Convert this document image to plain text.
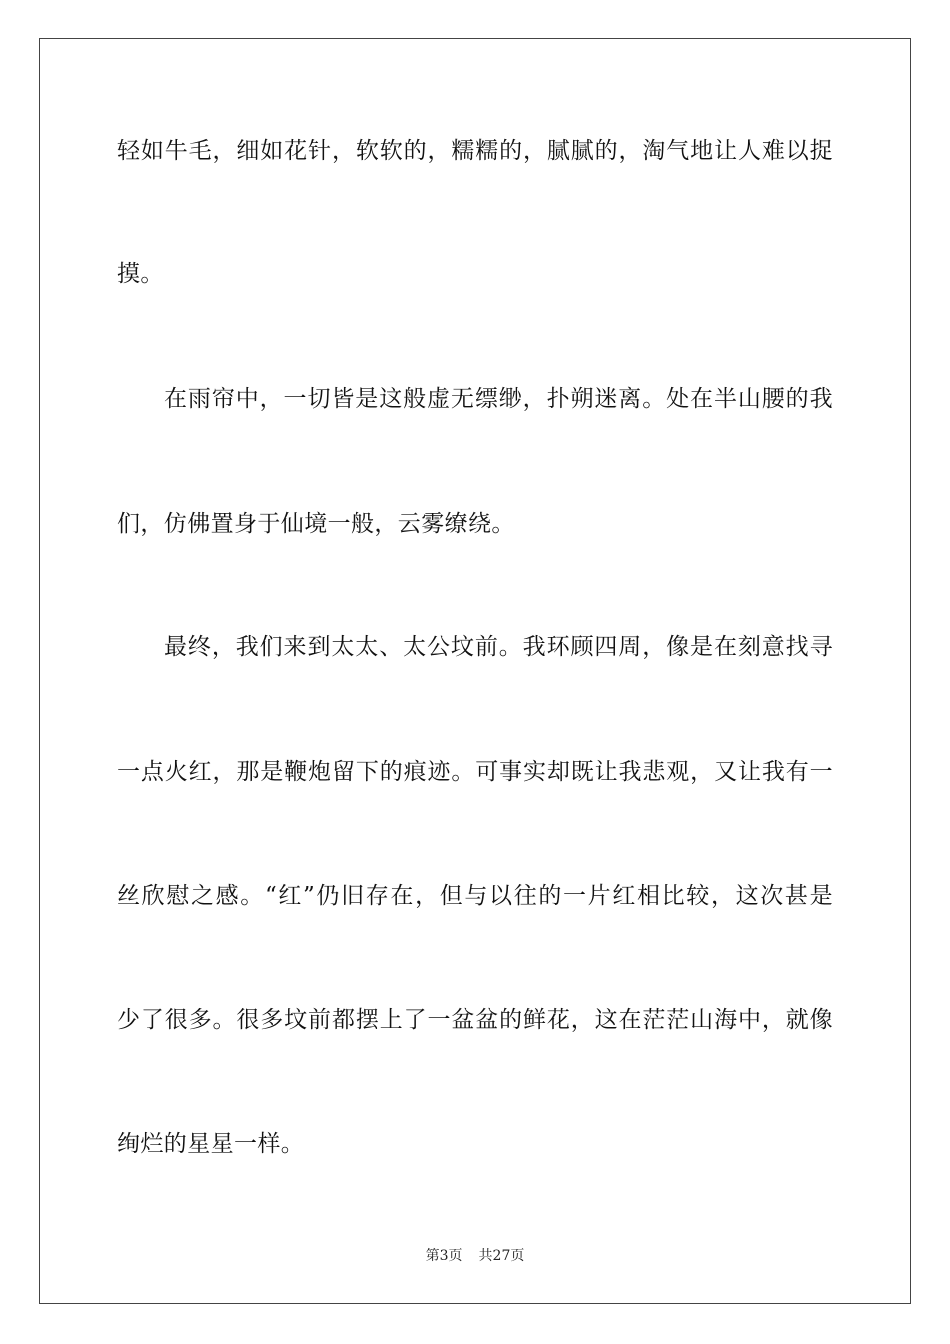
轻如牛毛，细如花针，软软的，糯糯的，腻腻的，淘气地让人难以捉
摸。
在雨帘中，一切皆是这般虚无缥缈，扑朔迷离。处在半山腰的我
们，仿佛置身于仙境一般，云雾缭绕。
最终，我们来到太太、太公坟前。我环顾四周，像是在刻意找寻
一点火红，那是鞭炮留下的痕迹。可事实却既让我悲观，又让我有一
丝欣慰之感。“红”仍旧存在，但与以往的一片红相比较，这次甚是
少了很多。很多坟前都摆上了一盆盆的鲜花，这在茫茫山海中，就像
绚烂的星星一样。
第3页 共27页
